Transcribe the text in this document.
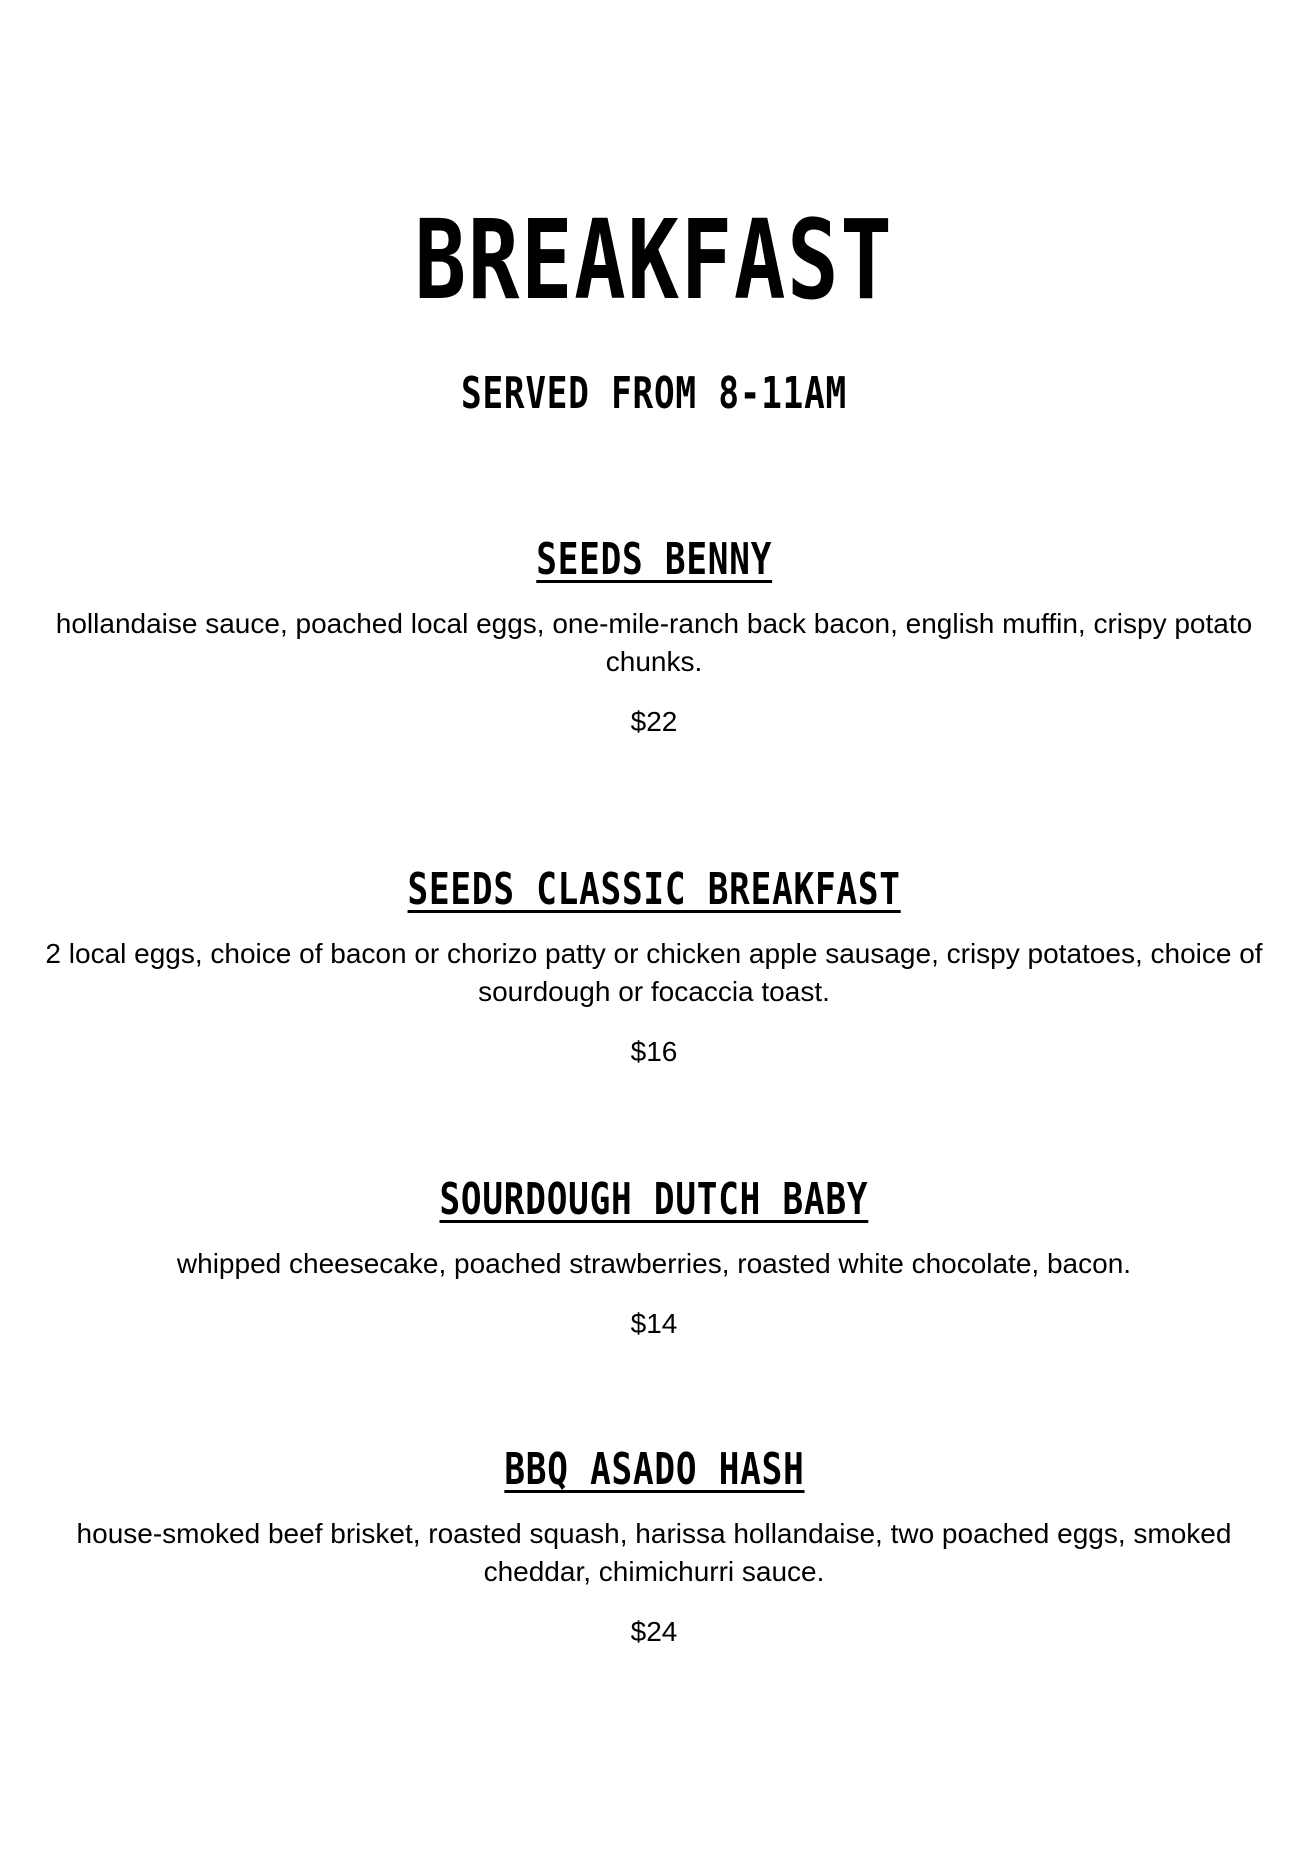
BREAKFAST
SERVED FROM 8-11AM
SEEDS BENNY

hollandaise sauce, poached local eggs, one-mile-ranch back bacon, english muffin, crispy potato chunks.

$22

SEEDS CLASSIC BREAKFAST

2 local eggs, choice of bacon or chorizo patty or chicken apple sausage, crispy potatoes, choice of sourdough or focaccia toast.

$16

SOURDOUGH DUTCH BABY

whipped cheesecake, poached strawberries, roasted white chocolate, bacon.

$14

BBQ ASADO HASH

house-smoked beef brisket, roasted squash, harissa hollandaise, two poached eggs, smoked cheddar, chimichurri sauce.

$24
